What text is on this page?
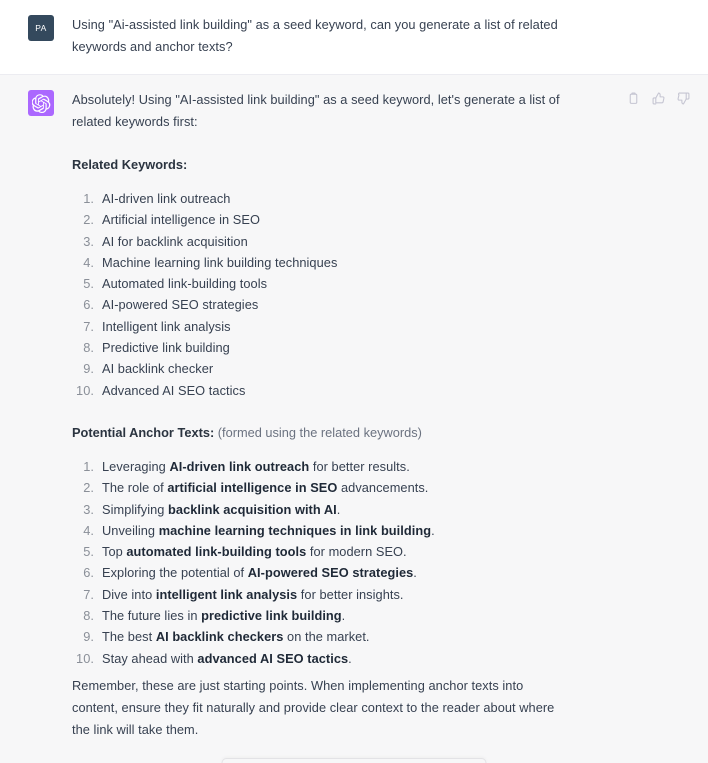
PA Using "Ai-assisted link building" as a seed keyword, can you generate a list of related keywords and anchor texts?

Absolutely! Using "AI-assisted link building" as a seed keyword, let's generate a list of related keywords first:

Related Keywords:
AI-driven link outreach
Artificial intelligence in SEO
AI for backlink acquisition
Machine learning link building techniques
Automated link-building tools
AI-powered SEO strategies
Intelligent link analysis
Predictive link building
AI backlink checker
Advanced AI SEO tactics
Potential Anchor Texts: (formed using the related keywords)
Leveraging AI-driven link outreach for better results.
The role of artificial intelligence in SEO advancements.
Simplifying backlink acquisition with AI.
Unveiling machine learning techniques in link building.
Top automated link-building tools for modern SEO.
Exploring the potential of AI-powered SEO strategies.
Dive into intelligent link analysis for better insights.
The future lies in predictive link building.
The best AI backlink checkers on the market.
Stay ahead with advanced AI SEO tactics.

Remember, these are just starting points. When implementing anchor texts into content, ensure they fit naturally and provide clear context to the reader about where the link will take them.
